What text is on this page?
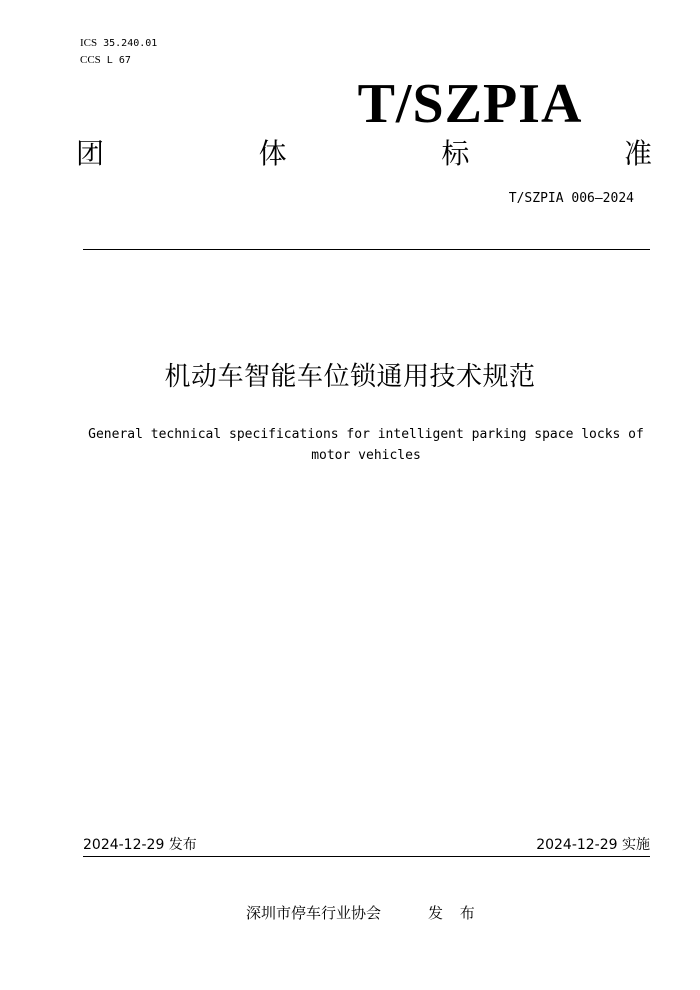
ICS 35.240.01
CCS L 67
T/SZPIA
团	体	标	准
T/SZPIA 006—2024
机动车智能车位锁通用技术规范
General technical specifications for intelligent parking space locks of motor vehicles
2024-12-29 发布	2024-12-29 实施
深圳市停车行业协会	发 布
